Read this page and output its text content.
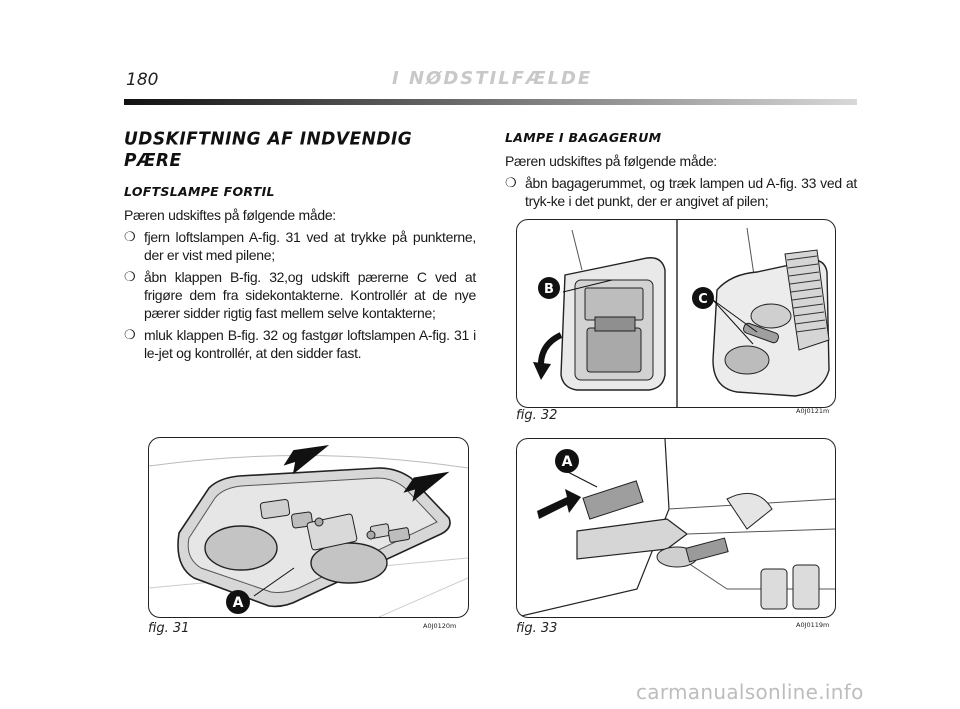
180	I NØDSTILFÆLDE
UDSKIFTNING AF INDVENDIG PÆRE
LOFTSLAMPE FORTIL

Pæren udskiftes på følgende måde:

❍ fjern loftslampen A-fig. 31 ved at trykke på punkterne, der er vist med pilene;
❍ åbn klappen B-fig. 32,og udskift pærerne C ved at frigøre dem fra sidekontakterne. Kontrollér at de nye pærer sidder rigtig fast mellem selve kontakterne;
❍ mluk klappen B-fig. 32 og fastgør loftslampen A-fig. 31 i le-jet og kontrollér, at den sidder fast.
LAMPE I BAGAGERUM

Pæren udskiftes på følgende måde:

❍ åbn bagagerummet, og træk lampen ud A-fig. 33 ved at tryk-ke i det punkt, der er angivet af pilen;
A
fig. 31	A0J0120m
B
C
fig. 32	A0J0121m
A
fig. 33	A0J0119m
carmanualsonline.info
